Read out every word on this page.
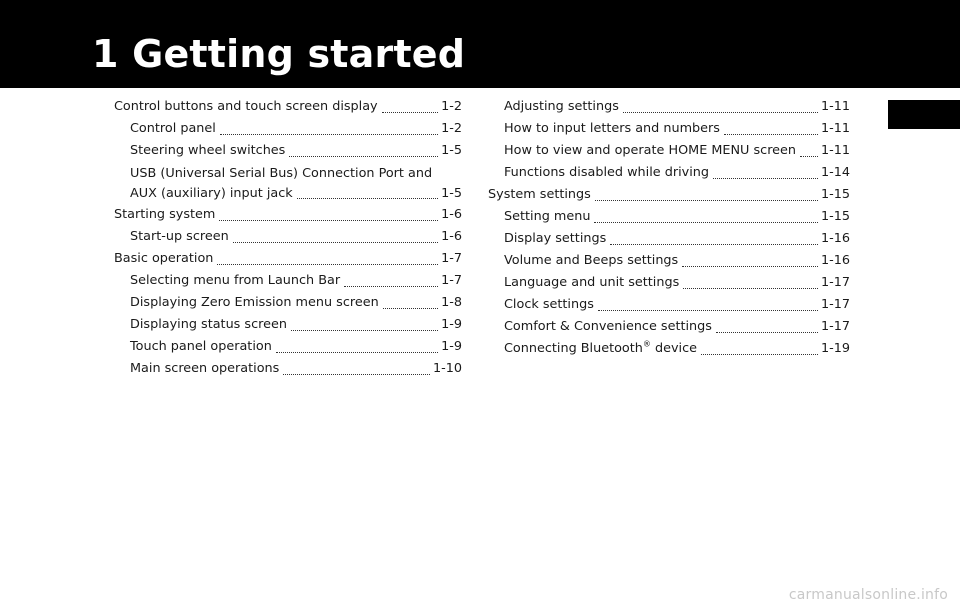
1 Getting started
Control buttons and touch screen display	1-2
Control panel	1-2
Steering wheel switches	1-5
USB (Universal Serial Bus) Connection Port and
AUX (auxiliary) input jack	1-5
Starting system	1-6
Start-up screen	1-6
Basic operation	1-7
Selecting menu from Launch Bar	1-7
Displaying Zero Emission menu screen	1-8
Displaying status screen	1-9
Touch panel operation	1-9
Main screen operations	1-10
Adjusting settings	1-11
How to input letters and numbers	1-11
How to view and operate HOME MENU screen 1-11
Functions disabled while driving	1-14
System settings	1-15
Setting menu	1-15
Display settings	1-16
Volume and Beeps settings	1-16
Language and unit settings	1-17
Clock settings	1-17
Comfort & Convenience settings	1-17
Connecting Bluetooth® device	1-19
carmanualsonline.info
